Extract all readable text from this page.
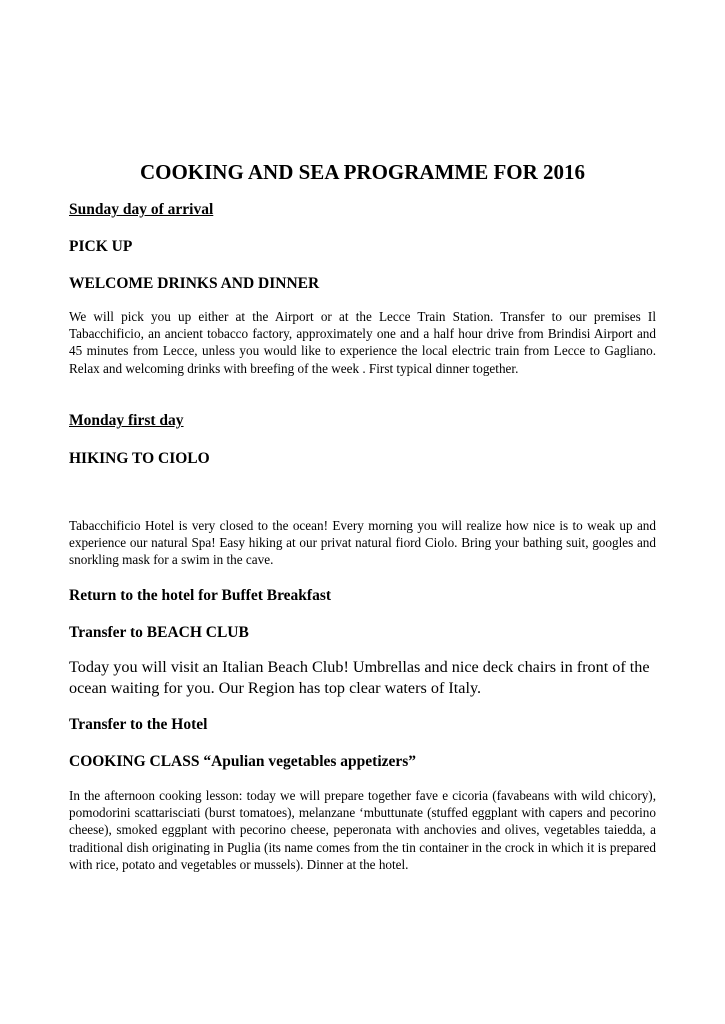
COOKING AND SEA PROGRAMME FOR 2016
Sunday day of arrival
PICK UP
WELCOME DRINKS AND DINNER

We will pick you up either at the Airport or at the Lecce Train Station. Transfer to our premises Il Tabacchificio, an ancient tobacco factory, approximately one and a half hour drive from Brindisi Airport and 45 minutes from Lecce, unless you would like to experience the local electric train from Lecce to Gagliano. Relax and welcoming drinks with breefing of the week . First typical dinner together.

Monday first day
HIKING TO CIOLO

Tabacchificio Hotel is very closed to the ocean! Every morning you will realize how nice is to weak up and experience our natural Spa! Easy hiking at our privat natural fiord Ciolo. Bring your bathing suit, googles and snorkling mask for a swim in the cave.

Return to the hotel for Buffet Breakfast
Transfer to BEACH CLUB

Today you will visit an Italian Beach Club! Umbrellas and nice deck chairs in front of the ocean waiting for you. Our Region has top clear waters of Italy.

Transfer to the Hotel
COOKING CLASS “Apulian vegetables appetizers”

In the afternoon cooking lesson: today we will prepare together fave e cicoria (favabeans with wild chicory), pomodorini scattarisciati (burst tomatoes), melanzane ‘mbuttunate (stuffed eggplant with capers and pecorino cheese), smoked eggplant with pecorino cheese, peperonata with anchovies and olives, vegetables taiedda, a traditional dish originating in Puglia (its name comes from the tin container in the crock in which it is prepared with rice, potato and vegetables or mussels). Dinner at the hotel.
